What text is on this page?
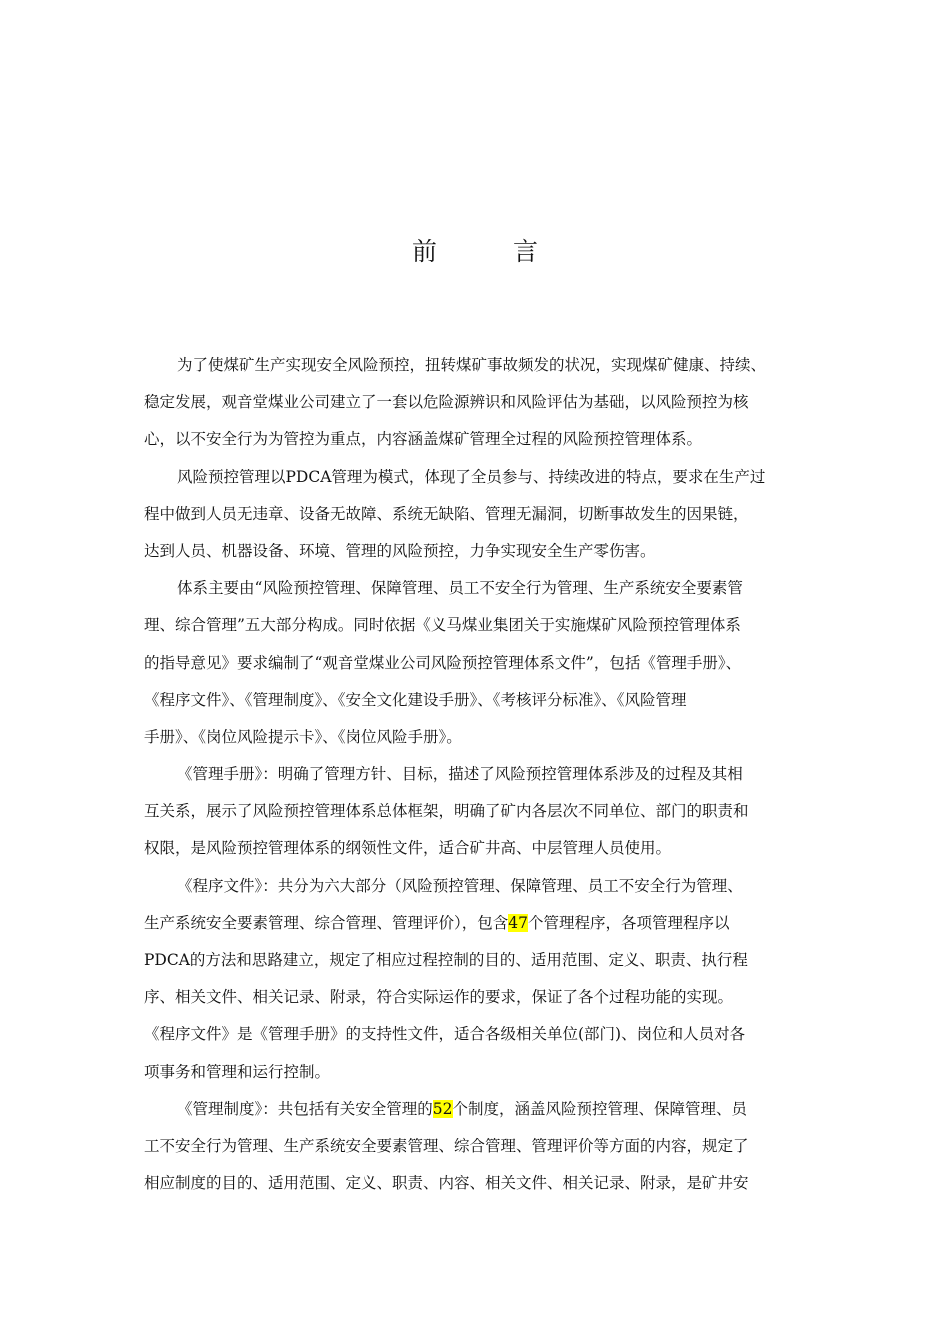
前	言
为了使煤矿生产实现安全风险预控，扭转煤矿事故频发的状况，实现煤矿健康、持续、
稳定发展，观音堂煤业公司建立了一套以危险源辨识和风险评估为基础，以风险预控为核
心，以不安全行为为管控为重点，内容涵盖煤矿管理全过程的风险预控管理体系。
风险预控管理以PDCA管理为模式，体现了全员参与、持续改进的特点，要求在生产过
程中做到人员无违章、设备无故障、系统无缺陷、管理无漏洞，切断事故发生的因果链，
达到人员、机器设备、环境、管理的风险预控，力争实现安全生产零伤害。
体系主要由“风险预控管理、保障管理、员工不安全行为管理、生产系统安全要素管
理、综合管理”五大部分构成。同时依据《义马煤业集团关于实施煤矿风险预控管理体系
的指导意见》要求编制了“观音堂煤业公司风险预控管理体系文件”，包括《管理手册》、
《程序文件》、《管理制度》、《安全文化建设手册》、《考核评分标准》、《风险管理
手册》、《岗位风险提示卡》、《岗位风险手册》。
《管理手册》：明确了管理方针、目标，描述了风险预控管理体系涉及的过程及其相
互关系，展示了风险预控管理体系总体框架，明确了矿内各层次不同单位、部门的职责和
权限，是风险预控管理体系的纲领性文件，适合矿井高、中层管理人员使用。
《程序文件》：共分为六大部分（风险预控管理、保障管理、员工不安全行为管理、
生产系统安全要素管理、综合管理、管理评价），包含47个管理程序，各项管理程序以
PDCA的方法和思路建立，规定了相应过程控制的目的、适用范围、定义、职责、执行程
序、相关文件、相关记录、附录，符合实际运作的要求，保证了各个过程功能的实现。
《程序文件》是《管理手册》的支持性文件，适合各级相关单位(部门)、岗位和人员对各
项事务和管理和运行控制。
《管理制度》：共包括有关安全管理的52个制度，涵盖风险预控管理、保障管理、员
工不安全行为管理、生产系统安全要素管理、综合管理、管理评价等方面的内容，规定了
相应制度的目的、适用范围、定义、职责、内容、相关文件、相关记录、附录，是矿井安
